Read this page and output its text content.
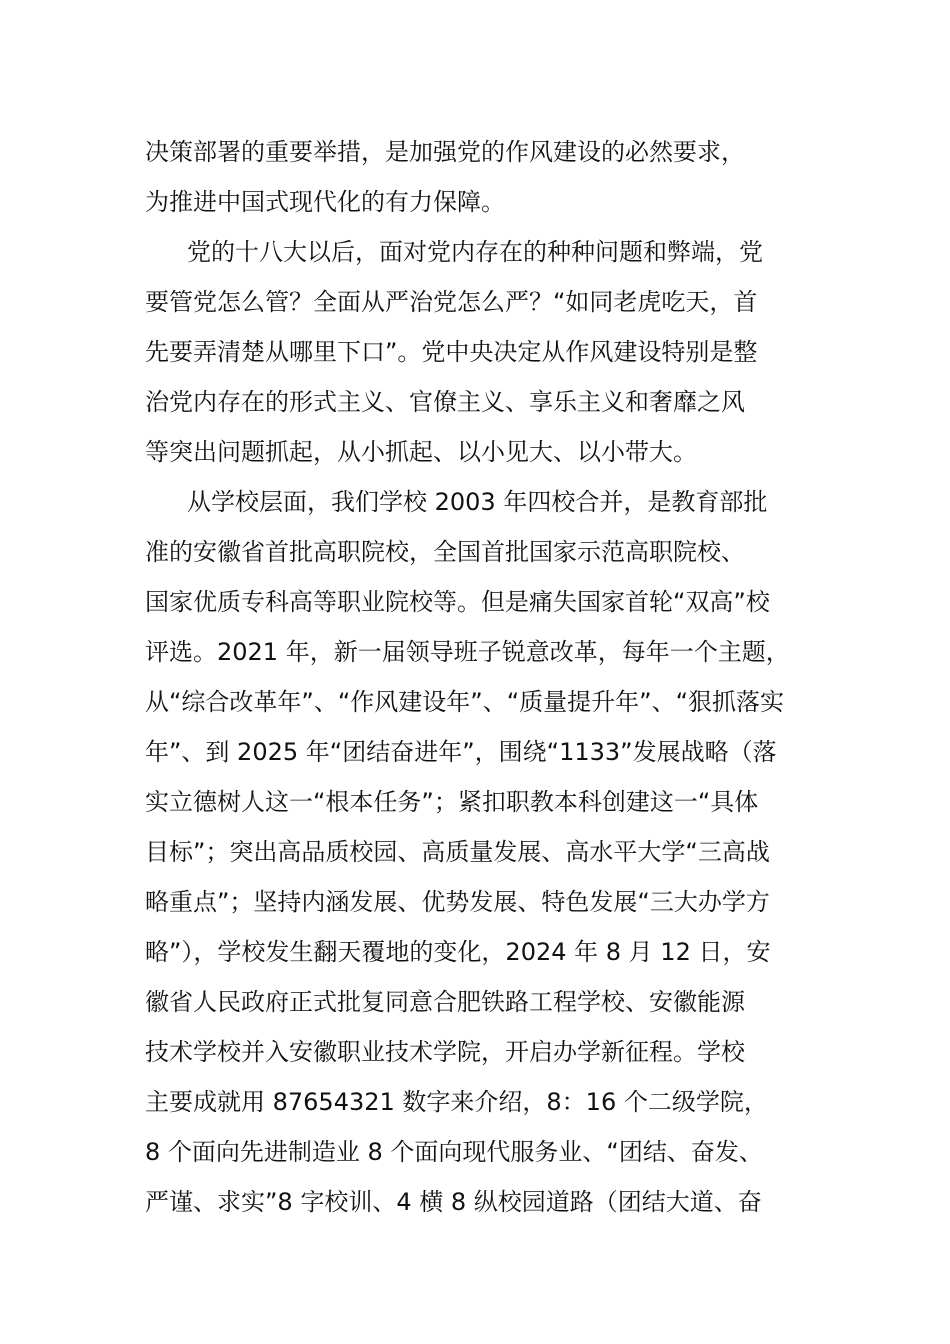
决策部署的重要举措，是加强党的作风建设的必然要求，
为推进中国式现代化的有力保障。
党的十八大以后，面对党内存在的种种问题和弊端，党
要管党怎么管？全面从严治党怎么严？“如同老虎吃天，首
先要弄清楚从哪里下口”。党中央决定从作风建设特别是整
治党内存在的形式主义、官僚主义、享乐主义和奢靡之风
等突出问题抓起，从小抓起、以小见大、以小带大。
从学校层面，我们学校 2003 年四校合并，是教育部批
准的安徽省首批高职院校，全国首批国家示范高职院校、
国家优质专科高等职业院校等。但是痛失国家首轮“双高”校
评选。2021 年，新一届领导班子锐意改革，每年一个主题，
从“综合改革年”、“作风建设年”、“质量提升年”、“狠抓落实
年”、到 2025 年“团结奋进年”，围绕“1133”发展战略（落
实立德树人这一“根本任务”；紧扣职教本科创建这一“具体
目标”；突出高品质校园、高质量发展、高水平大学“三高战
略重点”；坚持内涵发展、优势发展、特色发展“三大办学方
略”），学校发生翻天覆地的变化，2024 年 8 月 12 日，安
徽省人民政府正式批复同意合肥铁路工程学校、安徽能源
技术学校并入安徽职业技术学院，开启办学新征程。学校
主要成就用 87654321 数字来介绍，8：16 个二级学院，
8 个面向先进制造业 8 个面向现代服务业、“团结、奋发、
严谨、求实”8 字校训、4 横 8 纵校园道路（团结大道、奋
